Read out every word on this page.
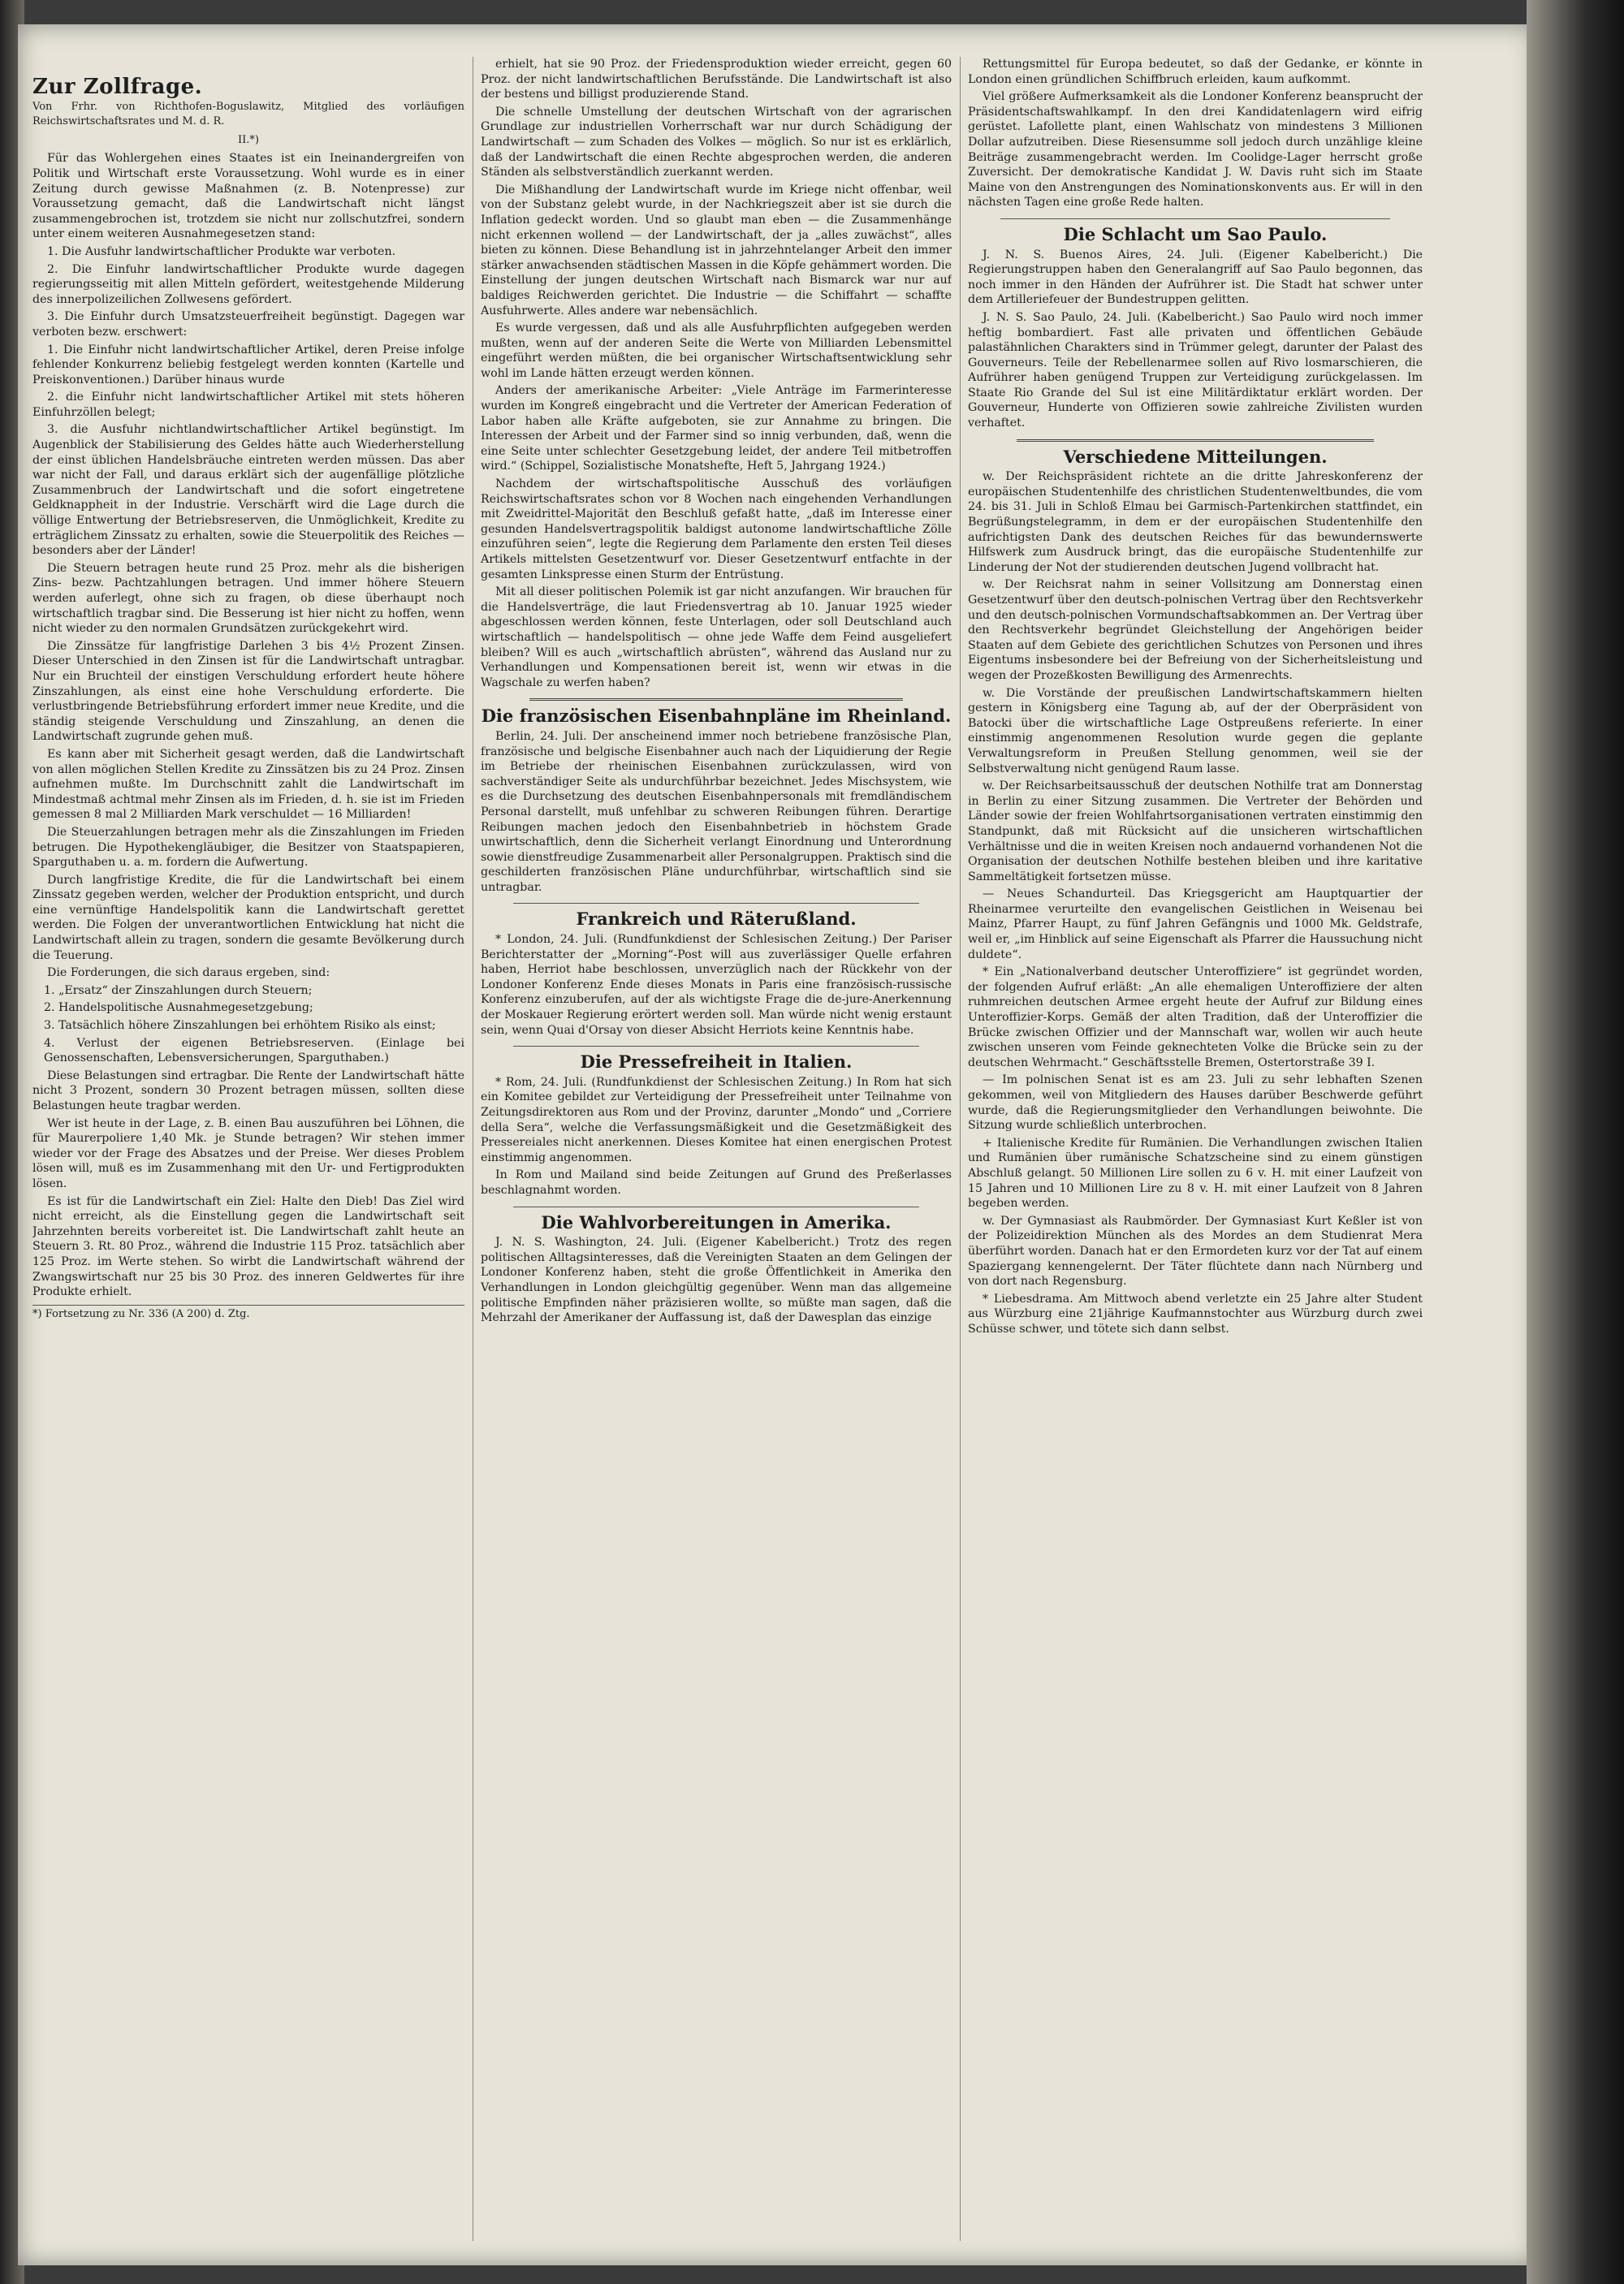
Zur Zollfrage.
Von Frhr. von Richthofen-Boguslawitz, Mitglied des vorläufigen Reichswirtschaftsrates und M. d. R.
II.*)

Für das Wohlergehen eines Staates ist ein Ineinandergreifen von Politik und Wirtschaft erste Voraussetzung. Wohl wurde es in einer Zeitung durch gewisse Maßnahmen (z. B. Notenpresse) zur Voraussetzung gemacht, daß die Landwirtschaft nicht längst zusammengebrochen ist, trotzdem sie nicht nur zollschutzfrei, sondern unter einem weiteren Ausnahmegesetzen stand:

1. Die Ausfuhr landwirtschaftlicher Produkte war verboten.

2. Die Einfuhr landwirtschaftlicher Produkte wurde dagegen regierungsseitig mit allen Mitteln gefördert, weitestgehende Milderung des innerpolizeilichen Zollwesens gefördert.

3. Die Einfuhr durch Umsatzsteuerfreiheit begünstigt. Dagegen war verboten bezw. erschwert:

1. Die Einfuhr nicht landwirtschaftlicher Artikel, deren Preise infolge fehlender Konkurrenz beliebig festgelegt werden konnten (Kartelle und Preiskonventionen.) Darüber hinaus wurde

2. die Einfuhr nicht landwirtschaftlicher Artikel mit stets höheren Einfuhrzöllen belegt;

3. die Ausfuhr nichtlandwirtschaftlicher Artikel begünstigt. Im Augenblick der Stabilisierung des Geldes hätte auch Wiederherstellung der einst üblichen Handelsbräuche eintreten werden müssen. Das aber war nicht der Fall, und daraus erklärt sich der augenfällige plötzliche Zusammenbruch der Landwirtschaft und die sofort eingetretene Geldknappheit in der Industrie. Verschärft wird die Lage durch die völlige Entwertung der Betriebsreserven, die Unmöglichkeit, Kredite zu erträglichem Zinssatz zu erhalten, sowie die Steuerpolitik des Reiches — besonders aber der Länder!

Die Steuern betragen heute rund 25 Proz. mehr als die bisherigen Zins- bezw. Pachtzahlungen betragen. Und immer höhere Steuern werden auferlegt, ohne sich zu fragen, ob diese überhaupt noch wirtschaftlich tragbar sind. Die Besserung ist hier nicht zu hoffen, wenn nicht wieder zu den normalen Grundsätzen zurückgekehrt wird.

Die Zinssätze für langfristige Darlehen 3 bis 4½ Prozent Zinsen. Dieser Unterschied in den Zinsen ist für die Landwirtschaft untragbar. Nur ein Bruchteil der einstigen Verschuldung erfordert heute höhere Zinszahlungen, als einst eine hohe Verschuldung erforderte. Die verlustbringende Betriebsführung erfordert immer neue Kredite, und die ständig steigende Verschuldung und Zinszahlung, an denen die Landwirtschaft zugrunde gehen muß.

Es kann aber mit Sicherheit gesagt werden, daß die Landwirtschaft von allen möglichen Stellen Kredite zu Zinssätzen bis zu 24 Proz. Zinsen aufnehmen mußte. Im Durchschnitt zahlt die Landwirtschaft im Mindestmaß achtmal mehr Zinsen als im Frieden, d. h. sie ist im Frieden gemessen 8 mal 2 Milliarden Mark verschuldet — 16 Milliarden!

Die Steuerzahlungen betragen mehr als die Zinszahlungen im Frieden betrugen. Die Hypothekengläubiger, die Besitzer von Staatspapieren, Sparguthaben u. a. m. fordern die Aufwertung.

Durch langfristige Kredite, die für die Landwirtschaft bei einem Zinssatz gegeben werden, welcher der Produktion entspricht, und durch eine vernünftige Handelspolitik kann die Landwirtschaft gerettet werden. Die Folgen der unverantwortlichen Entwicklung hat nicht die Landwirtschaft allein zu tragen, sondern die gesamte Bevölkerung durch die Teuerung.

Die Forderungen, die sich daraus ergeben, sind:

1. „Ersatz“ der Zinszahlungen durch Steuern;

2. Handelspolitische Ausnahmegesetzgebung;

3. Tatsächlich höhere Zinszahlungen bei erhöhtem Risiko als einst;

4. Verlust der eigenen Betriebsreserven. (Einlage bei Genossenschaften, Lebensversicherungen, Sparguthaben.)

Diese Belastungen sind ertragbar. Die Rente der Landwirtschaft hätte nicht 3 Prozent, sondern 30 Prozent betragen müssen, sollten diese Belastungen heute tragbar werden.

Wer ist heute in der Lage, z. B. einen Bau auszuführen bei Löhnen, die für Maurerpoliere 1,40 Mk. je Stunde betragen? Wir stehen immer wieder vor der Frage des Absatzes und der Preise. Wer dieses Problem lösen will, muß es im Zusammenhang mit den Ur- und Fertigprodukten lösen.

Es ist für die Landwirtschaft ein Ziel: Halte den Dieb! Das Ziel wird nicht erreicht, als die Einstellung gegen die Landwirtschaft seit Jahrzehnten bereits vorbereitet ist. Die Landwirtschaft zahlt heute an Steuern 3. Rt. 80 Proz., während die Industrie 115 Proz. tatsächlich aber 125 Proz. im Werte stehen. So wirbt die Landwirtschaft während der Zwangswirtschaft nur 25 bis 30 Proz. des inneren Geldwertes für ihre Produkte erhielt.

*) Fortsetzung zu Nr. 336 (A 200) d. Ztg.

erhielt, hat sie 90 Proz. der Friedensproduktion wieder erreicht, gegen 60 Proz. der nicht landwirtschaftlichen Berufsstände. Die Landwirtschaft ist also der bestens und billigst produzierende Stand.

Die schnelle Umstellung der deutschen Wirtschaft von der agrarischen Grundlage zur industriellen Vorherrschaft war nur durch Schädigung der Landwirtschaft — zum Schaden des Volkes — möglich. So nur ist es erklärlich, daß der Landwirtschaft die einen Rechte abgesprochen werden, die anderen Ständen als selbstverständlich zuerkannt werden.

Die Mißhandlung der Landwirtschaft wurde im Kriege nicht offenbar, weil von der Substanz gelebt wurde, in der Nachkriegszeit aber ist sie durch die Inflation gedeckt worden. Und so glaubt man eben — die Zusammenhänge nicht erkennen wollend — der Landwirtschaft, der ja „alles zuwächst“, alles bieten zu können. Diese Behandlung ist in jahrzehntelanger Arbeit den immer stärker anwachsenden städtischen Massen in die Köpfe gehämmert worden. Die Einstellung der jungen deutschen Wirtschaft nach Bismarck war nur auf baldiges Reichwerden gerichtet. Die Industrie — die Schiffahrt — schaffte Ausfuhrwerte. Alles andere war nebensächlich.

Es wurde vergessen, daß und als alle Ausfuhrpflichten aufgegeben werden mußten, wenn auf der anderen Seite die Werte von Milliarden Lebensmittel eingeführt werden müßten, die bei organischer Wirtschaftsentwicklung sehr wohl im Lande hätten erzeugt werden können.

Anders der amerikanische Arbeiter: „Viele Anträge im Farmerinteresse wurden im Kongreß eingebracht und die Vertreter der American Federation of Labor haben alle Kräfte aufgeboten, sie zur Annahme zu bringen. Die Interessen der Arbeit und der Farmer sind so innig verbunden, daß, wenn die eine Seite unter schlechter Gesetzgebung leidet, der andere Teil mitbetroffen wird.“ (Schippel, Sozialistische Monatshefte, Heft 5, Jahrgang 1924.)

Nachdem der wirtschaftspolitische Ausschuß des vorläufigen Reichswirtschaftsrates schon vor 8 Wochen nach eingehenden Verhandlungen mit Zweidrittel-Majorität den Beschluß gefaßt hatte, „daß im Interesse einer gesunden Handelsvertragspolitik baldigst autonome landwirtschaftliche Zölle einzuführen seien“, legte die Regierung dem Parlamente den ersten Teil dieses Artikels mittelsten Gesetzentwurf vor. Dieser Gesetzentwurf entfachte in der gesamten Linkspresse einen Sturm der Entrüstung.

Mit all dieser politischen Polemik ist gar nicht anzufangen. Wir brauchen für die Handelsverträge, die laut Friedensvertrag ab 10. Januar 1925 wieder abgeschlossen werden können, feste Unterlagen, oder soll Deutschland auch wirtschaftlich — handelspolitisch — ohne jede Waffe dem Feind ausgeliefert bleiben? Will es auch „wirtschaftlich abrüsten“, während das Ausland nur zu Verhandlungen und Kompensationen bereit ist, wenn wir etwas in die Wagschale zu werfen haben?

Die französischen Eisenbahnpläne im Rheinland.

Berlin, 24. Juli. Der anscheinend immer noch betriebene französische Plan, französische und belgische Eisenbahner auch nach der Liquidierung der Regie im Betriebe der rheinischen Eisenbahnen zurückzulassen, wird von sachverständiger Seite als undurchführbar bezeichnet. Jedes Mischsystem, wie es die Durchsetzung des deutschen Eisenbahnpersonals mit fremdländischem Personal darstellt, muß unfehlbar zu schweren Reibungen führen. Derartige Reibungen machen jedoch den Eisenbahnbetrieb in höchstem Grade unwirtschaftlich, denn die Sicherheit verlangt Einordnung und Unterordnung sowie dienstfreudige Zusammenarbeit aller Personalgruppen. Praktisch sind die geschilderten französischen Pläne undurchführbar, wirtschaftlich sind sie untragbar.

Frankreich und Räterußland.

* London, 24. Juli. (Rundfunkdienst der Schlesischen Zeitung.) Der Pariser Berichterstatter der „Morning“-Post will aus zuverlässiger Quelle erfahren haben, Herriot habe beschlossen, unverzüglich nach der Rückkehr von der Londoner Konferenz Ende dieses Monats in Paris eine französisch-russische Konferenz einzuberufen, auf der als wichtigste Frage die de-jure-Anerkennung der Moskauer Regierung erörtert werden soll. Man würde nicht wenig erstaunt sein, wenn Quai d'Orsay von dieser Absicht Herriots keine Kenntnis habe.

Die Pressefreiheit in Italien.

* Rom, 24. Juli. (Rundfunkdienst der Schlesischen Zeitung.) In Rom hat sich ein Komitee gebildet zur Verteidigung der Pressefreiheit unter Teilnahme von Zeitungsdirektoren aus Rom und der Provinz, darunter „Mondo“ und „Corriere della Sera“, welche die Verfassungsmäßigkeit und die Gesetzmäßigkeit des Pressereiales nicht anerkennen. Dieses Komitee hat einen energischen Protest einstimmig angenommen.

In Rom und Mailand sind beide Zeitungen auf Grund des Preßerlasses beschlagnahmt worden.

Die Wahlvorbereitungen in Amerika.

J. N. S. Washington, 24. Juli. (Eigener Kabelbericht.) Trotz des regen politischen Alltagsinteresses, daß die Vereinigten Staaten an dem Gelingen der Londoner Konferenz haben, steht die große Öffentlichkeit in Amerika den Verhandlungen in London gleichgültig gegenüber. Wenn man das allgemeine politische Empfinden näher präzisieren wollte, so müßte man sagen, daß die Mehrzahl der Amerikaner der Auffassung ist, daß der Dawesplan das einzige

Rettungsmittel für Europa bedeutet, so daß der Gedanke, er könnte in London einen gründlichen Schiffbruch erleiden, kaum aufkommt.

Viel größere Aufmerksamkeit als die Londoner Konferenz beansprucht der Präsidentschaftswahlkampf. In den drei Kandidatenlagern wird eifrig gerüstet. Lafollette plant, einen Wahlschatz von mindestens 3 Millionen Dollar aufzutreiben. Diese Riesensumme soll jedoch durch unzählige kleine Beiträge zusammengebracht werden. Im Coolidge-Lager herrscht große Zuversicht. Der demokratische Kandidat J. W. Davis ruht sich im Staate Maine von den Anstrengungen des Nominationskonvents aus. Er will in den nächsten Tagen eine große Rede halten.

Die Schlacht um Sao Paulo.

J. N. S. Buenos Aires, 24. Juli. (Eigener Kabelbericht.) Die Regierungstruppen haben den Generalangriff auf Sao Paulo begonnen, das noch immer in den Händen der Aufrührer ist. Die Stadt hat schwer unter dem Artilleriefeuer der Bundestruppen gelitten.

J. N. S. Sao Paulo, 24. Juli. (Kabelbericht.) Sao Paulo wird noch immer heftig bombardiert. Fast alle privaten und öffentlichen Gebäude palastähnlichen Charakters sind in Trümmer gelegt, darunter der Palast des Gouverneurs. Teile der Rebellenarmee sollen auf Rivo losmarschieren, die Aufrührer haben genügend Truppen zur Verteidigung zurückgelassen. Im Staate Rio Grande del Sul ist eine Militärdiktatur erklärt worden. Der Gouverneur, Hunderte von Offizieren sowie zahlreiche Zivilisten wurden verhaftet.

Verschiedene Mitteilungen.

w. Der Reichspräsident richtete an die dritte Jahreskonferenz der europäischen Studentenhilfe des christlichen Studentenweltbundes, die vom 24. bis 31. Juli in Schloß Elmau bei Garmisch-Partenkirchen stattfindet, ein Begrüßungstelegramm, in dem er der europäischen Studentenhilfe den aufrichtigsten Dank des deutschen Reiches für das bewundernswerte Hilfswerk zum Ausdruck bringt, das die europäische Studentenhilfe zur Linderung der Not der studierenden deutschen Jugend vollbracht hat.

w. Der Reichsrat nahm in seiner Vollsitzung am Donnerstag einen Gesetzentwurf über den deutsch-polnischen Vertrag über den Rechtsverkehr und den deutsch-polnischen Vormundschaftsabkommen an. Der Vertrag über den Rechtsverkehr begründet Gleichstellung der Angehörigen beider Staaten auf dem Gebiete des gerichtlichen Schutzes von Personen und ihres Eigentums insbesondere bei der Befreiung von der Sicherheitsleistung und wegen der Prozeßkosten Bewilligung des Armenrechts.

w. Die Vorstände der preußischen Landwirtschaftskammern hielten gestern in Königsberg eine Tagung ab, auf der der Oberpräsident von Batocki über die wirtschaftliche Lage Ostpreußens referierte. In einer einstimmig angenommenen Resolution wurde gegen die geplante Verwaltungsreform in Preußen Stellung genommen, weil sie der Selbstverwaltung nicht genügend Raum lasse.

w. Der Reichsarbeitsausschuß der deutschen Nothilfe trat am Donnerstag in Berlin zu einer Sitzung zusammen. Die Vertreter der Behörden und Länder sowie der freien Wohlfahrtsorganisationen vertraten einstimmig den Standpunkt, daß mit Rücksicht auf die unsicheren wirtschaftlichen Verhältnisse und die in weiten Kreisen noch andauernd vorhandenen Not die Organisation der deutschen Nothilfe bestehen bleiben und ihre karitative Sammeltätigkeit fortsetzen müsse.

— Neues Schandurteil. Das Kriegsgericht am Hauptquartier der Rheinarmee verurteilte den evangelischen Geistlichen in Weisenau bei Mainz, Pfarrer Haupt, zu fünf Jahren Gefängnis und 1000 Mk. Geldstrafe, weil er, „im Hinblick auf seine Eigenschaft als Pfarrer die Haussuchung nicht duldete“.

* Ein „Nationalverband deutscher Unteroffiziere“ ist gegründet worden, der folgenden Aufruf erläßt: „An alle ehemaligen Unteroffiziere der alten ruhmreichen deutschen Armee ergeht heute der Aufruf zur Bildung eines Unteroffizier-Korps. Gemäß der alten Tradition, daß der Unteroffizier die Brücke zwischen Offizier und der Mannschaft war, wollen wir auch heute zwischen unseren vom Feinde geknechteten Volke die Brücke sein zu der deutschen Wehrmacht.“ Geschäftsstelle Bremen, Ostertorstraße 39 I.

— Im polnischen Senat ist es am 23. Juli zu sehr lebhaften Szenen gekommen, weil von Mitgliedern des Hauses darüber Beschwerde geführt wurde, daß die Regierungsmitglieder den Verhandlungen beiwohnte. Die Sitzung wurde schließlich unterbrochen.

+ Italienische Kredite für Rumänien. Die Verhandlungen zwischen Italien und Rumänien über rumänische Schatzscheine sind zu einem günstigen Abschluß gelangt. 50 Millionen Lire sollen zu 6 v. H. mit einer Laufzeit von 15 Jahren und 10 Millionen Lire zu 8 v. H. mit einer Laufzeit von 8 Jahren begeben werden.

w. Der Gymnasiast als Raubmörder. Der Gymnasiast Kurt Keßler ist von der Polizeidirektion München als des Mordes an dem Studienrat Mera überführt worden. Danach hat er den Ermordeten kurz vor der Tat auf einem Spaziergang kennengelernt. Der Täter flüchtete dann nach Nürnberg und von dort nach Regensburg.

* Liebesdrama. Am Mittwoch abend verletzte ein 25 Jahre alter Student aus Würzburg eine 21jährige Kaufmannstochter aus Würzburg durch zwei Schüsse schwer, und tötete sich dann selbst.
